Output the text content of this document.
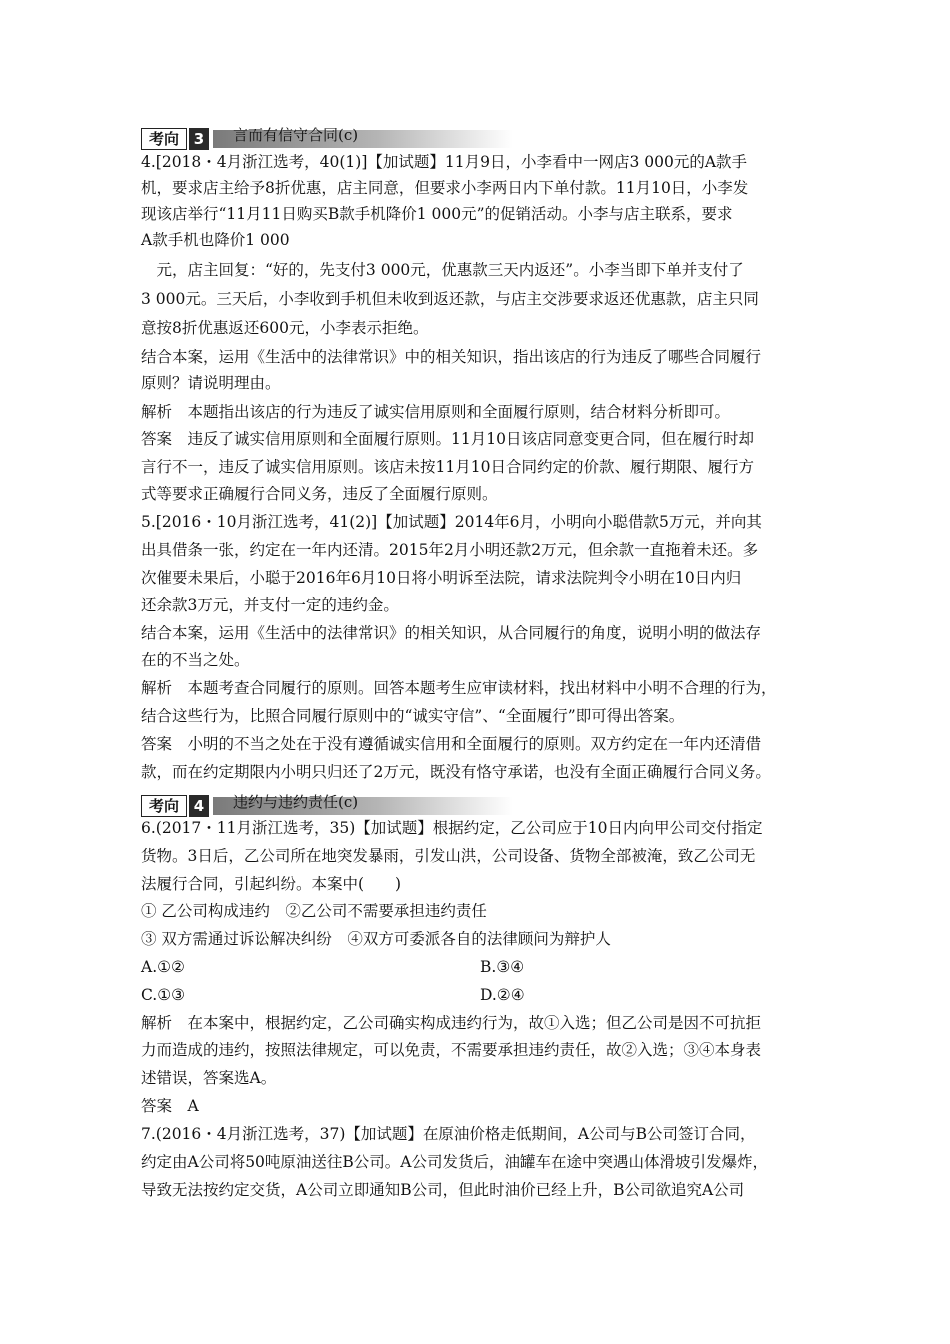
考向 3	言而有信守合同(c)
4.[2018・4月浙江选考，40(1)]【加试题】11月9日，小李看中一网店3 000元的A款手
机，要求店主给予8折优惠，店主同意，但要求小李两日内下单付款。11月10日，小李发
现该店举行“11月11日购买B款手机降价1 000元”的促销活动。小李与店主联系，要求
A款手机也降价1 000
　元，店主回复：“好的，先支付3 000元，优惠款三天内返还”。小李当即下单并支付了
3 000元。三天后，小李收到手机但未收到返还款，与店主交涉要求返还优惠款，店主只同
意按8折优惠返还600元，小李表示拒绝。
结合本案，运用《生活中的法律常识》中的相关知识，指出该店的行为违反了哪些合同履行
原则？请说明理由。
解析　本题指出该店的行为违反了诚实信用原则和全面履行原则，结合材料分析即可。
答案　违反了诚实信用原则和全面履行原则。11月10日该店同意变更合同，但在履行时却
言行不一，违反了诚实信用原则。该店未按11月10日合同约定的价款、履行期限、履行方
式等要求正确履行合同义务，违反了全面履行原则。
5.[2016・10月浙江选考，41(2)]【加试题】2014年6月，小明向小聪借款5万元，并向其
出具借条一张，约定在一年内还清。2015年2月小明还款2万元，但余款一直拖着未还。多
次催要未果后，小聪于2016年6月10日将小明诉至法院，请求法院判令小明在10日内归
还余款3万元，并支付一定的违约金。
结合本案，运用《生活中的法律常识》的相关知识，从合同履行的角度，说明小明的做法存
在的不当之处。
解析　本题考查合同履行的原则。回答本题考生应审读材料，找出材料中小明不合理的行为，
结合这些行为，比照合同履行原则中的“诚实守信”、“全面履行”即可得出答案。
答案　小明的不当之处在于没有遵循诚实信用和全面履行的原则。双方约定在一年内还清借
款，而在约定期限内小明只归还了2万元，既没有恪守承诺，也没有全面正确履行合同义务。
考向 4	违约与违约责任(c)
6.(2017・11月浙江选考，35)【加试题】根据约定，乙公司应于10日内向甲公司交付指定
货物。3日后，乙公司所在地突发暴雨，引发山洪，公司设备、货物全部被淹，致乙公司无
法履行合同，引起纠纷。本案中(　　)
① 乙公司构成违约　②乙公司不需要承担违约责任
③ 双方需通过诉讼解决纠纷　④双方可委派各自的法律顾问为辩护人
A.①②	B.③④
C.①③	D.②④
解析　在本案中，根据约定，乙公司确实构成违约行为，故①入选；但乙公司是因不可抗拒
力而造成的违约，按照法律规定，可以免责，不需要承担违约责任，故②入选；③④本身表
述错误，答案选A。
答案　A
7.(2016・4月浙江选考，37)【加试题】在原油价格走低期间，A公司与B公司签订合同，
约定由A公司将50吨原油送往B公司。A公司发货后，油罐车在途中突遇山体滑坡引发爆炸，
导致无法按约定交货，A公司立即通知B公司，但此时油价已经上升，B公司欲追究A公司
